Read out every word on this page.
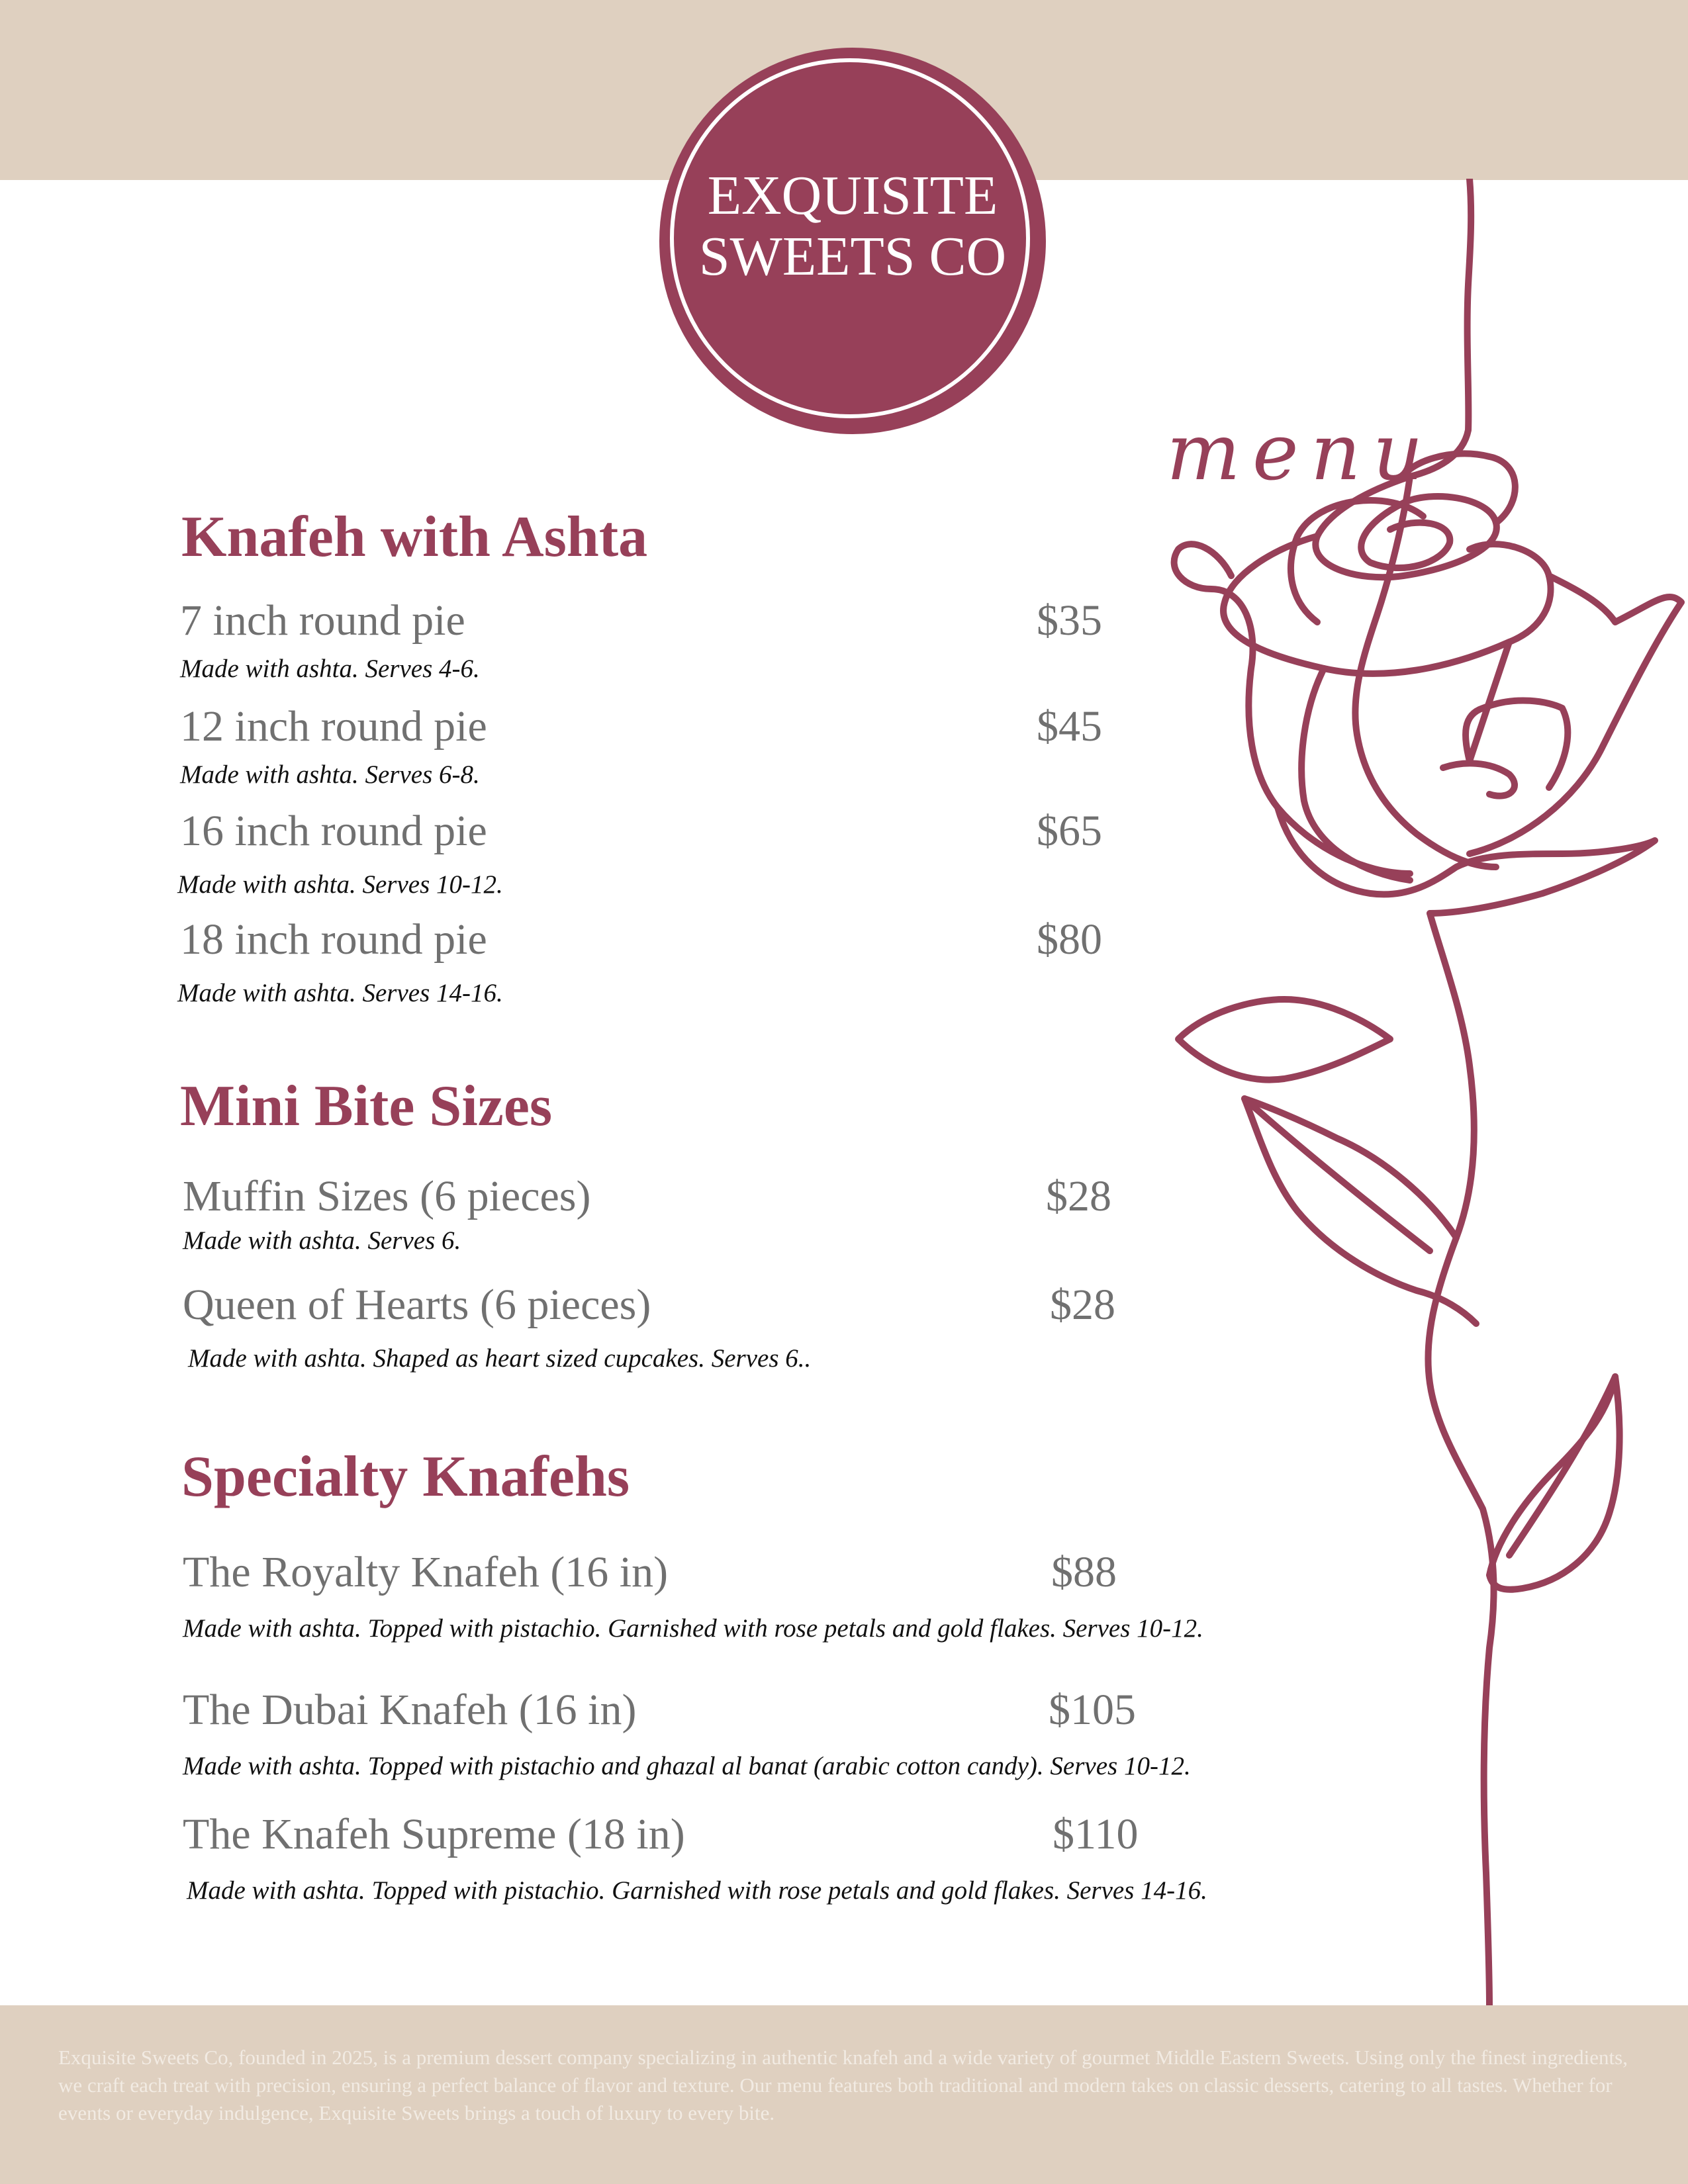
EXQUISITE
SWEETS CO
menu
Knafeh with Ashta
7 inch round pie	$35
Made with ashta. Serves 4-6.
12 inch round pie	$45
Made with ashta. Serves 6-8.
16 inch round pie	$65
Made with ashta. Serves 10-12.
18 inch round pie	$80
Made with ashta. Serves 14-16.
Mini Bite Sizes
Muffin Sizes (6 pieces)	$28
Made with ashta. Serves 6.
Queen of Hearts (6 pieces)	$28
Made with ashta. Shaped as heart sized cupcakes. Serves 6..
Specialty Knafehs
The Royalty Knafeh (16 in)	$88
Made with ashta. Topped with pistachio. Garnished with rose petals and gold flakes. Serves 10-12.
The Dubai Knafeh (16 in)	$105
Made with ashta. Topped with pistachio and ghazal al banat (arabic cotton candy). Serves 10-12.
The Knafeh Supreme (18 in)	$110
Made with ashta. Topped with pistachio. Garnished with rose petals and gold flakes. Serves 14-16.

Exquisite Sweets Co, founded in 2025, is a premium dessert company specializing in authentic knafeh and a wide variety of gourmet Middle Eastern Sweets. Using only the finest ingredients, we craft each treat with precision, ensuring a perfect balance of flavor and texture. Our menu features both traditional and modern takes on classic desserts, catering to all tastes. Whether for events or everyday indulgence, Exquisite Sweets brings a touch of luxury to every bite.
